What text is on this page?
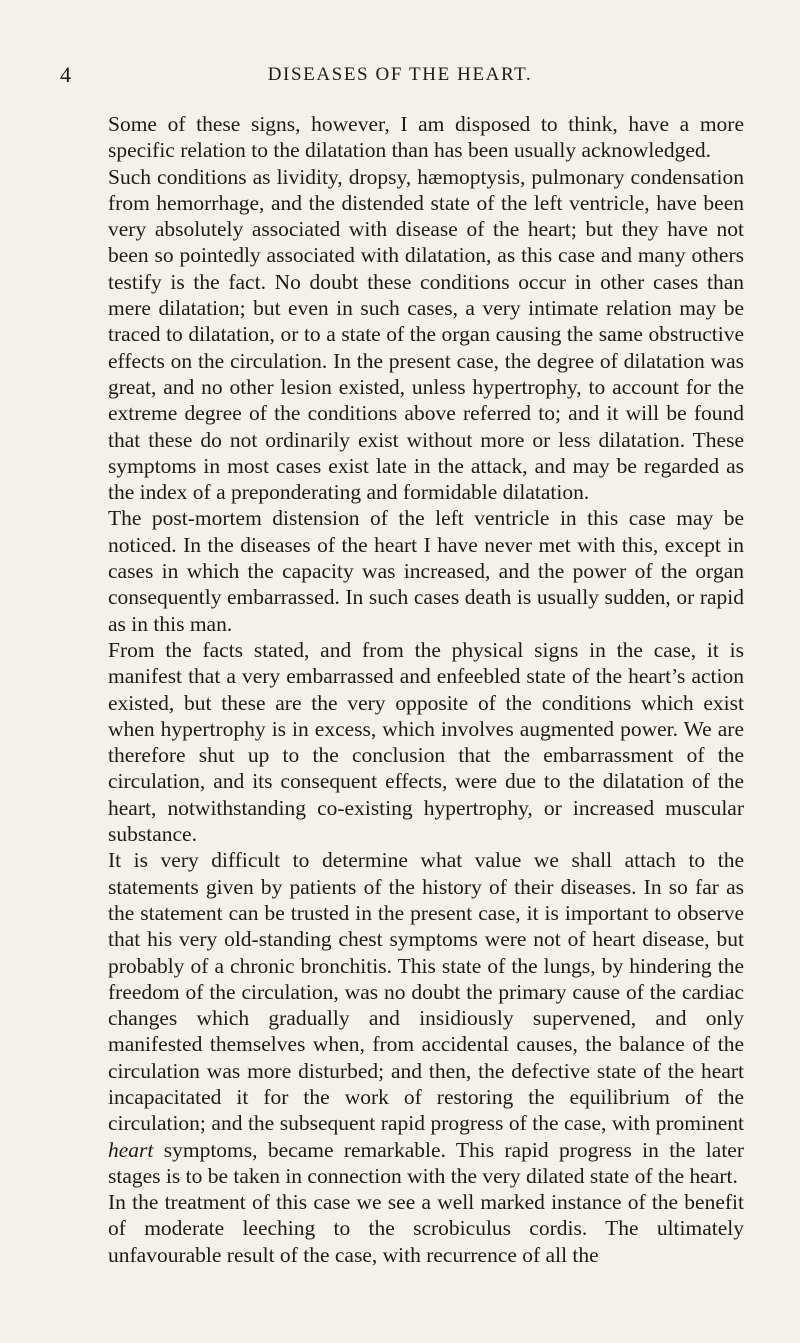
4	DISEASES OF THE HEART.

Some of these signs, however, I am disposed to think, have a more specific relation to the dilatation than has been usually acknowledged.

Such conditions as lividity, dropsy, hæmoptysis, pulmonary condensation from hemorrhage, and the distended state of the left ventricle, have been very absolutely associated with disease of the heart; but they have not been so pointedly associated with dilatation, as this case and many others testify is the fact. No doubt these conditions occur in other cases than mere dilatation; but even in such cases, a very intimate relation may be traced to dilatation, or to a state of the organ causing the same obstructive effects on the circulation. In the present case, the degree of dilatation was great, and no other lesion existed, unless hypertrophy, to account for the extreme degree of the conditions above referred to; and it will be found that these do not ordinarily exist without more or less dilatation. These symptoms in most cases exist late in the attack, and may be regarded as the index of a preponderating and formidable dilatation.

The post-mortem distension of the left ventricle in this case may be noticed. In the diseases of the heart I have never met with this, except in cases in which the capacity was increased, and the power of the organ consequently embarrassed. In such cases death is usually sudden, or rapid as in this man.

From the facts stated, and from the physical signs in the case, it is manifest that a very embarrassed and enfeebled state of the heart’s action existed, but these are the very opposite of the conditions which exist when hypertrophy is in excess, which involves augmented power. We are therefore shut up to the conclusion that the embarrassment of the circulation, and its consequent effects, were due to the dilatation of the heart, notwithstanding co-existing hypertrophy, or increased muscular substance.

It is very difficult to determine what value we shall attach to the statements given by patients of the history of their diseases. In so far as the statement can be trusted in the present case, it is important to observe that his very old-standing chest symptoms were not of heart disease, but probably of a chronic bronchitis. This state of the lungs, by hindering the freedom of the circulation, was no doubt the primary cause of the cardiac changes which gradually and insidiously supervened, and only manifested themselves when, from accidental causes, the balance of the circulation was more disturbed; and then, the defective state of the heart incapacitated it for the work of restoring the equilibrium of the circulation; and the subsequent rapid progress of the case, with prominent heart symptoms, became remarkable. This rapid progress in the later stages is to be taken in connection with the very dilated state of the heart.

In the treatment of this case we see a well marked instance of the benefit of moderate leeching to the scrobiculus cordis. The ultimately unfavourable result of the case, with recurrence of all the
